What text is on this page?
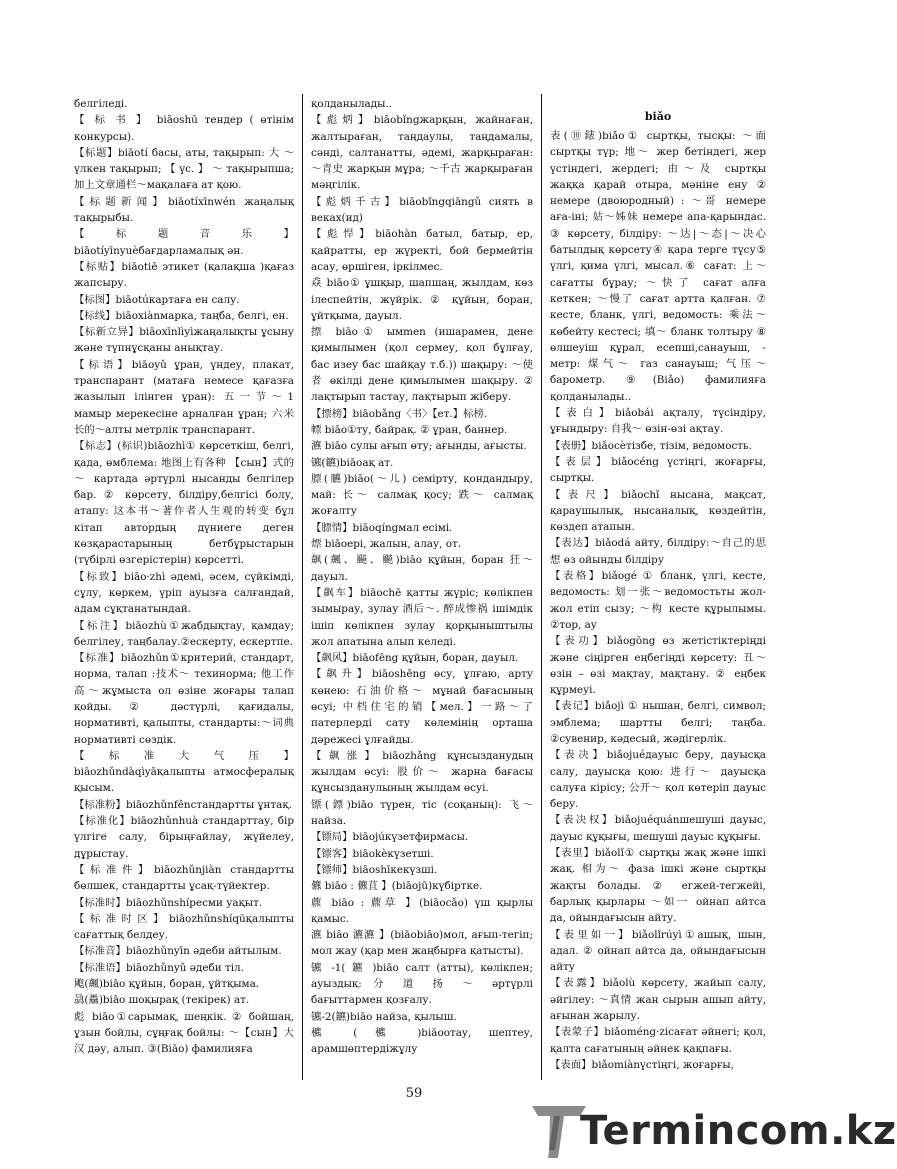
белгіледі.

【 标 书 】 biāoshū тендер ( өтінім конкурсы).

【标题】biāotí басы, аты, тақырып: 大 ～ үлкен тақырып; 【 үс. 】 ～ тақырыпша; 加上文章通栏～мақалаға ат қою.

【标题新闻】biāotíxīnwén жаңалық тақырыбы.

【 标 题 音 乐 】 biāotíyīnyuèбағдарламалық ән.

【标贴】biāotiē этикет (қалақша )қағаз жапсыру.

【标图】biāotúкартаға ен салу.

【标线】biāoxiànмарка, таңба, белгі, ен.

【标新立异】biāoxīnlìyìжаңалықты ұсыну және түпнұсқаны анықтау.

【标语】biāoyǔ ұран, үндеу, плакат, транспарант (матаға немесе қағазға жазылып ілінген ұран): 五一节～1 мамыр мерекесіне арналған ұран; 六米长的～алты метрлік транспарант.

【标志】(标识)biāozhì① көрсеткіш, белгі, қада, өмблема: 地图上有各种 【сын】式的～ картада әртүрлі нысанды белгілер бар. ② көрсету, білдіру,белгісі болу, атапу: 这本书～著作者人生观的转变 бұл кітап автордың дүниеге деген көзқарастарының бетбұрыстарын (түбірлі өзгерістерін) көрсетті.

【标致】biāo·zhì әдемі, әсем, сүйкімді, сұлу, көркем, үріп ауызға салғандай, адам сұқтанатындай.

【标注】biāozhù①жабдықтау, қамдау; белгілеу, таңбалау.②ескерту, ескертпе.

【标准】biāozhǔn①критерий, стандарт, норма, талап :技术～ техинорма; 他工作高～жұмыста ол өзіне жоғары талап қойды. ② дәстүрлі, қағидалы, нормативті, қалыпты, стандарты:～词典 нормативті сөздік.

【 标 准 大 气 压 】 biāozhǔndàqìyāқалыпты атмосфералық қысым.

【标准粉】biāozhǔnfěnстандартты ұнтақ.

【标准化】biāozhǔnhuà стандарттау, бір үлгіге салу, бірыңғайлау, жүйелеу, дұрыстау.

【标准件】biāozhǔnjiàn стандартты бөлшек, стандартты ұсақ-түйектер.

【标准时】biāozhǔnshíресми уақыт.

【标准时区】biāozhǔnshíqūқалыпты сағаттық белдеу.

【标准音】biāozhǔnyīn әдеби айтылым.

【标准语】biāozhǔnyǔ әдеби тіл.

飑(飆)biāo құйын, боран, ұйтқыма.

骉(驫)biāo шоқырақ (текірек) ат.

彪 biāo①сарымақ, шеңкік. ② бойшаң, ұзын бойлы, сұңғақ бойлы: ～【сын】大汉 дәу, алып. ③(Biāo) фамилияға

қолданылады..

【彪炳】biāobǐngжарқын, жайнаған, жалтыраған, таңдаулы, таңдамалы, сәнді, салтанатты, әдемі, жарқыраған:～青史 жарқын мұра; ～千古 жарқыраған мәңгілік.

【彪炳千古】biāobǐngqiāngǔ сиять в веках(ид)

【彪悍】biāohàn батыл, батыр, ер, қайратты, ер жүректі, бой бермейтін асау, өршіген, іркілмес.

猋 biāo① ұшқыр, шапшаң, жылдам, көз ілеспейтін, жүйрік. ② құйын, боран, ұйтқыма, дауыл.

摽 biāo① ымmen (ишарамен, дене қимылымен (қол сермеу, қол бұлғау, бас изеу бас шайқау т.б.)) шақыру: ～使者 өкілді дене қимылымен шақыру. ② лақтырып тастау, лақтырып жіберу.

【摽榜】biāobǎng〈书〉【ет.】标榜.

幖 biāo①ту, байрақ. ② ұран, баннер.

瀌 biāo сулы ағып өту; ағынды, ағысты.

镳(鑣)biāoақ ат.

膘(臕)biāo(～儿) семірту, қондандыру, май: 长～ салмақ қосу; 跌～ салмақ жоғалту

【膘情】biāoqíngмал есімі.

熛 biāoері, жалын, алау, от.

飙(飆、飇、飈)biāo құйын, боран 狂～дауыл.

【飙车】biāochē қатты жүріс; көлікпен зымырау, зулау 酒后～. 醉成惨祸 ішімдік ішіп көлікпен зулау қорқыныштылы жол апатына алып келеді.

【飙风】biāofēng құйын, боран, дауыл.

【飙升】biāoshēng өсу, ұлғаю, арту көнею: 石油价格～ мұнай бағасының өсуі; 中档住宅的销【мел.】一路～了 патерлерді сату көлемінің орташа дәрежесі ұлғайды.

【飙涨】biāozhǎng құнсызданудың жылдам өсуі: 股价～ жарна бағасы құнсызданулының жылдам өсуі.

镖(鏢)biāo түрен, тіс (соқаның): 飞～ найза.

【镖局】biāojúкүзетфирмасы.

【镖客】biāokèкүзетші.

【镖师】biāoshīкекүзші.

儦 biāo : 儦苴 】(biāojū)күбіртке.

藨 biāo : 藨草 】(biāocǎo) үш қырлы қамыс.

瀌 biāo 瀌瀌 】(biāobiāo)мол, ағып-тегіп; мол жау (қар мен жаңбырға қатысты).

镳 -1( 鑣 )biāo салт (атты), көлікпен; ауыздық: 分 道 扬 ～ әртүрлі бағыттармен қозғалу.

镳-2(鑣)biāo найза, қылыш.

穮 ( 穮 )biāoотау, шептеу, арамшөптердіжұлу

biǎo

表(⑩錶)biǎo① сыртқы, тысқы: ～面 сыртқы түр; 地～ жер бетіндегі, жер үстіндегі, жердегі; 由～及 сыртқы жаққа қарай отыра, мәніне ену ② немере (двоюродный) : ～哥 немере аға-іні; 姑～姊妹 немере апа-қарындас. ③ көрсету, білдіру: ～达|～态|～决心 батылдық көрсету④ қара терге түсу⑤ үлгі, қима үлгі, мысал.⑥ сағат: 上～ сағатты бұрау; ～快了 сағат алға кеткен; ～慢了 сағат артта қалған. ⑦ кесте, бланк, үлгі, ведомость: 乘法～ көбейту кестесі; 填～ бланк толтыру ⑧ өлшеуіш құрал, есепші,санауыш, - метр: 煤气～ газ санауыш; 气压～ барометр. ⑨(Biǎo) фамилияға қолданылады..

【表白】biǎobái ақталу, түсіндіру, ұғындыру: 自我～ өзін-өзі ақтау.

【表册】biǎocèтізбе, тізім, ведомость.

【表层】biǎocéng үстіңгі, жоғарғы, сыртқы.

【表尺】biǎochǐ нысана, мақсат, қараушылық, нысаналық, көздейтін, көздеп атапын.

【表达】biǎodá айту, білдіру:～自己的思想 өз ойынды білдіру

【表格】biǎogé ① бланк, үлгі, кесте, ведомость: 划一张～ведомостьты жол-жол етіп сызу; ～构 кесте құрылымы. ②тор, ау

【表功】biǎogōng өз жетістіктеріңді және сіңірген еңбегіңді көрсету: 丑～ өзін – өзі мақтау, мақтану. ② еңбек құрмеуі.

【表记】biǎojì ① нышан, белгі, символ; эмблема; шартты белгі; таңба. ②сувенир, кәдесый, жәдігерлік.

【表决】biǎojuéдауыс беру, дауысқа салу, дауысқа қою: 进行～ дауысқа салуға кірісу; 公开～ қол көтеріп дауыс беру.

【表决权】biǎojuéquánшешуші дауыс, дауыс құқығы, шешуші дауыс құқығы.

【表里】biǎolǐ① сыртқы жақ және ішкі жақ. 相为～ фаза ішкі және сыртқы жақты болады. ② егжей-тегжейі, барлық қырлары ～如一 ойнап айтса да, ойындағысын айту.

【表里如一】biǎolǐrúyì①ашық, шын, адал. ② ойнап айтса да, ойындағысын айту

【表露】biǎolù көрсету, жайып салу, әйгілеу: ～真情 жан сырын ашып айту, ағынан жарылу.

【表蒙子】biǎoméng·zicағат әйнегі; қол, қалта сағатының әйнек қақпағы.

【表面】biǎomiànүстіңгі, жоғарғы,

59
Termincom.kz
